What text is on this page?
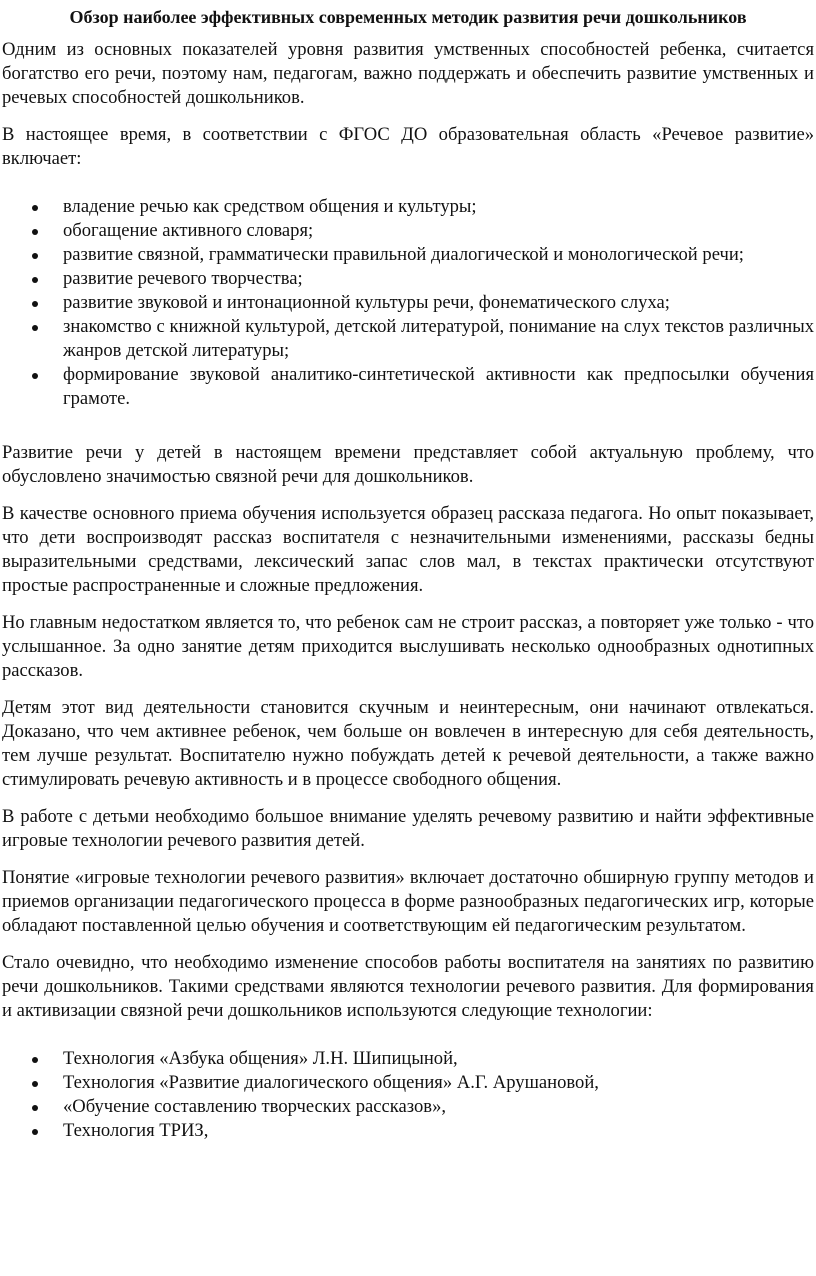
Обзор наиболее эффективных современных методик развития речи дошкольников

Одним из основных показателей уровня развития умственных способностей ребенка, считается богатство его речи, поэтому нам, педагогам, важно поддержать и обеспечить развитие умственных и речевых способностей дошкольников.

В настоящее время, в соответствии с ФГОС ДО образовательная область «Речевое развитие» включает:

владение речью как средством общения и культуры;
обогащение активного словаря;
развитие связной, грамматически правильной диалогической и монологической речи;
развитие речевого творчества;
развитие звуковой и интонационной культуры речи, фонематического слуха;
знакомство с книжной культурой, детской литературой, понимание на слух текстов различных жанров детской литературы;
формирование звуковой аналитико-синтетической активности как предпосылки обучения грамоте.

Развитие речи у детей в настоящем времени представляет собой актуальную проблему, что обусловлено значимостью связной речи для дошкольников.

В качестве основного приема обучения используется образец рассказа педагога. Но опыт показывает, что дети воспроизводят рассказ воспитателя с незначительными изменениями, рассказы бедны выразительными средствами, лексический запас слов мал, в текстах практически отсутствуют простые распространенные и сложные предложения.

Но главным недостатком является то, что ребенок сам не строит рассказ, а повторяет уже только - что услышанное. За одно занятие детям приходится выслушивать несколько однообразных однотипных рассказов.

Детям этот вид деятельности становится скучным и неинтересным, они начинают отвлекаться. Доказано, что чем активнее ребенок, чем больше он вовлечен в интересную для себя деятельность, тем лучше результат. Воспитателю нужно побуждать детей к речевой деятельности, а также важно стимулировать речевую активность и в процессе свободного общения.

В работе с детьми необходимо большое внимание уделять речевому развитию и найти эффективные игровые технологии речевого развития детей.

Понятие «игровые технологии речевого развития» включает достаточно обширную группу методов и приемов организации педагогического процесса в форме разнообразных педагогических игр, которые обладают поставленной целью обучения и соответствующим ей педагогическим результатом.

Стало очевидно, что необходимо изменение способов работы воспитателя на занятиях по развитию речи дошкольников. Такими средствами являются технологии речевого развития. Для формирования и активизации связной речи дошкольников используются следующие технологии:

Технология «Азбука общения» Л.Н. Шипицыной,
Технология «Развитие диалогического общения» А.Г. Арушановой,
«Обучение составлению творческих рассказов»,
Технология ТРИЗ,
